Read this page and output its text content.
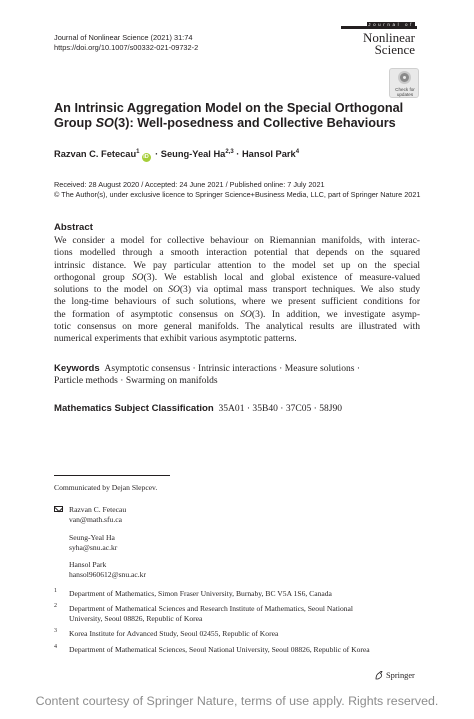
Journal of Nonlinear Science (2021) 31:74
https://doi.org/10.1007/s00332-021-09732-2
Journal of
Nonlinear
Science
Check for
updates
An Intrinsic Aggregation Model on the Special Orthogonal
Group SO(3): Well-posedness and Collective Behaviours
Razvan C. Fetecau$^1$iD · Seung-Yeal Ha$^{2,3}$ · Hansol Park$^4$
Received: 28 August 2020 / Accepted: 24 June 2021 / Published online: 7 July 2021
© The Author(s), under exclusive licence to Springer Science+Business Media, LLC, part of Springer Nature 2021
Abstract
We consider a model for collective behaviour on Riemannian manifolds, with interac-
tions modelled through a smooth interaction potential that depends on the squared
intrinsic distance. We pay particular attention to the model set up on the special
orthogonal group SO(3). We establish local and global existence of measure-valued
solutions to the model on SO(3) via optimal mass transport techniques. We also study
the long-time behaviours of such solutions, where we present sufficient conditions for
the formation of asymptotic consensus on SO(3). In addition, we investigate asymp-
totic consensus on more general manifolds. The analytical results are illustrated with
numerical experiments that exhibit various asymptotic patterns.
Keywords Asymptotic consensus · Intrinsic interactions · Measure solutions ·
Particle methods · Swarming on manifolds
Mathematics Subject Classification 35A01 · 35B40 · 37C05 · 58J90
Communicated by Dejan Slepcev.
Razvan C. Fetecau
van@math.sfu.ca
Seung-Yeal Ha
syha@snu.ac.kr
Hansol Park
hansol960612@snu.ac.kr
1 Department of Mathematics, Simon Fraser University, Burnaby, BC V5A 1S6, Canada
2 Department of Mathematical Sciences and Research Institute of Mathematics, Seoul National
University, Seoul 08826, Republic of Korea
3 Korea Institute for Advanced Study, Seoul 02455, Republic of Korea
4 Department of Mathematical Sciences, Seoul National University, Seoul 08826, Republic of Korea
Springer
Content courtesy of Springer Nature, terms of use apply. Rights reserved.
